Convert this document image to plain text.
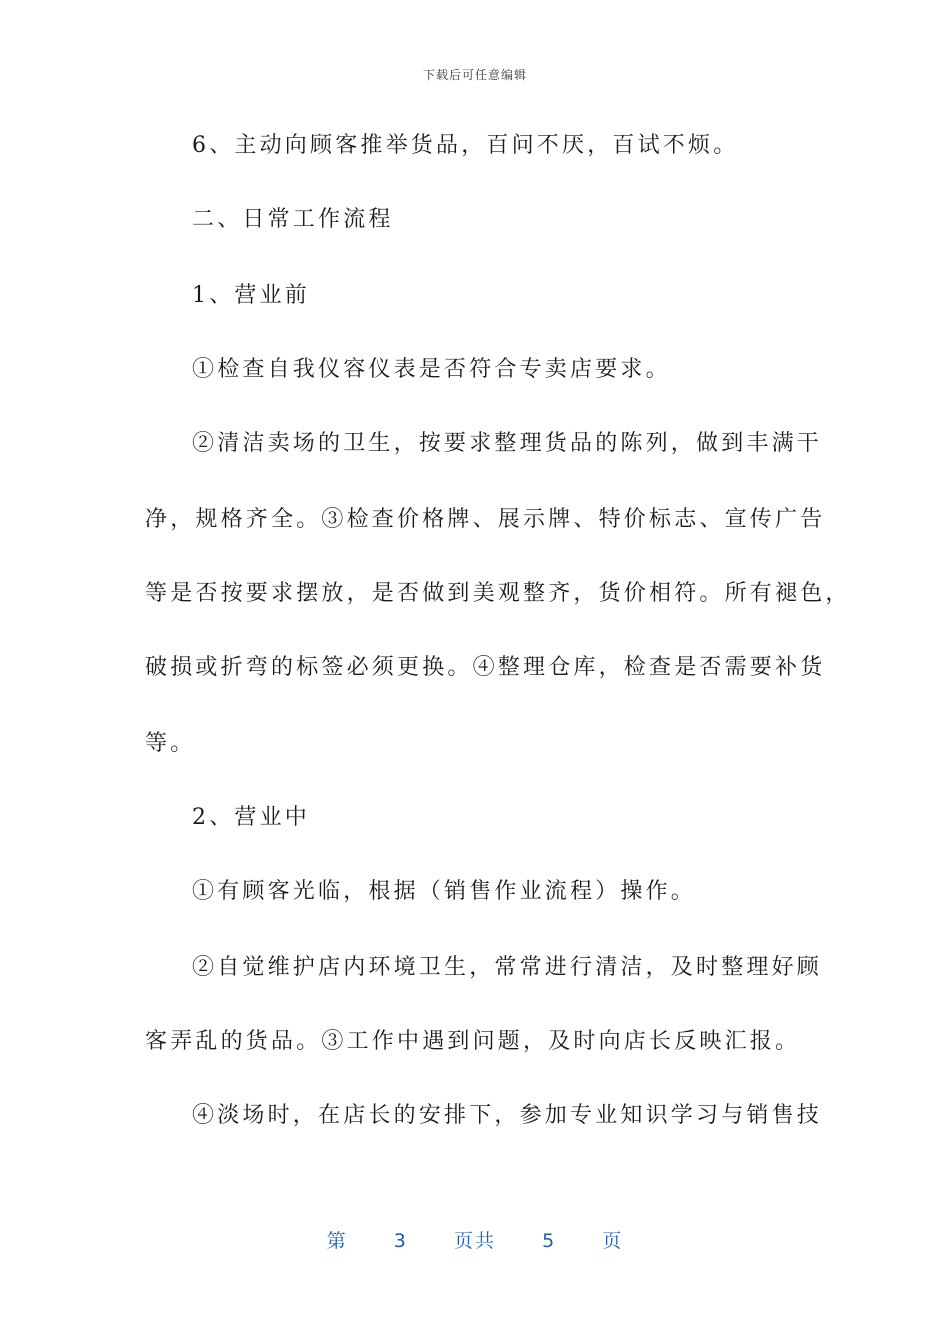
下载后可任意编辑
6、主动向顾客推举货品，百问不厌，百试不烦。
二、日常工作流程
1、营业前
①检查自我仪容仪表是否符合专卖店要求。
②清洁卖场的卫生，按要求整理货品的陈列，做到丰满干
净，规格齐全。③检查价格牌、展示牌、特价标志、宣传广告
等是否按要求摆放，是否做到美观整齐，货价相符。所有褪色，
破损或折弯的标签必须更换。④整理仓库，检查是否需要补货
等。
2、营业中
①有顾客光临，根据（销售作业流程）操作。
②自觉维护店内环境卫生，常常进行清洁，及时整理好顾
客弄乱的货品。③工作中遇到问题，及时向店长反映汇报。
④淡场时，在店长的安排下，参加专业知识学习与销售技
第 3 页共 5 页
